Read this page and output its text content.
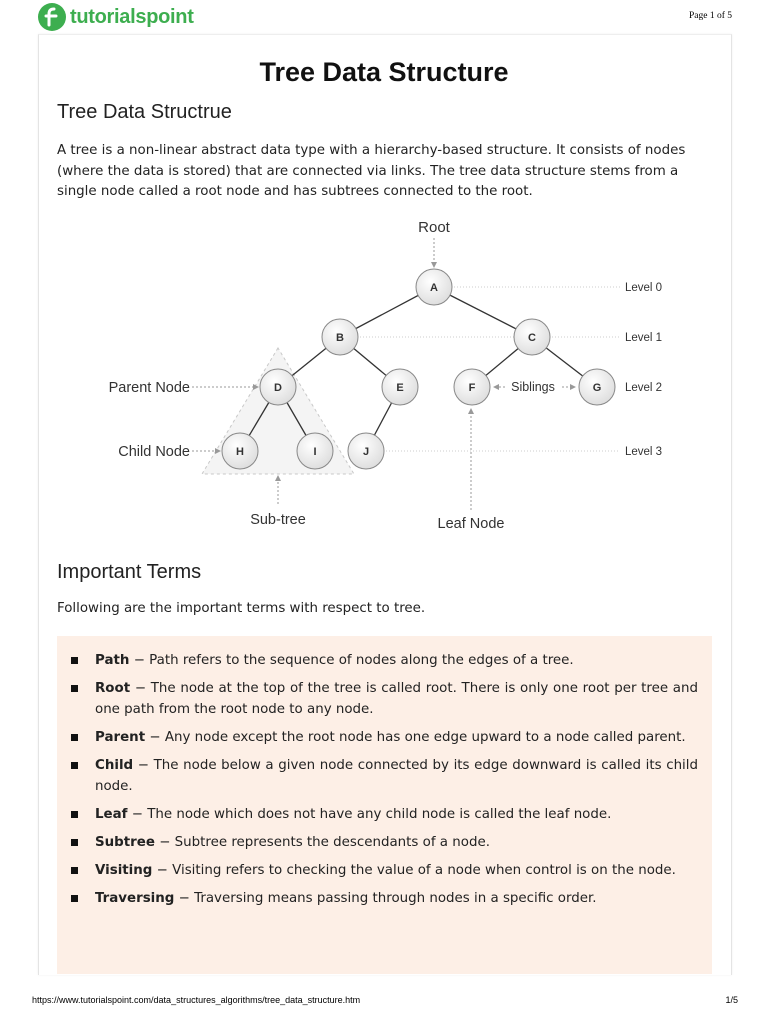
tutorialspoint	Page 1 of 5
Tree Data Structure
Tree Data Structrue
A tree is a non-linear abstract data type with a hierarchy-based structure. It consists of nodes (where the data is stored) that are connected via links. The tree data structure stems from a single node called a root node and has subtrees connected to the root.
A
B	C
D	E	F	G
H	I	J
Root
Parent Node
Child Node
Siblings
Sub-tree	Leaf Node
Level 0
Level 1
Level 2
Level 3
Important Terms
Following are the important terms with respect to tree.
Path − Path refers to the sequence of nodes along the edges of a tree.
Root − The node at the top of the tree is called root. There is only one root per tree and one path from the root node to any node.
Parent − Any node except the root node has one edge upward to a node called parent.
Child − The node below a given node connected by its edge downward is called its child node.
Leaf − The node which does not have any child node is called the leaf node.
Subtree − Subtree represents the descendants of a node.
Visiting − Visiting refers to checking the value of a node when control is on the node.
Traversing − Traversing means passing through nodes in a specific order.
https://www.tutorialspoint.com/data_structures_algorithms/tree_data_structure.htm	1/5
